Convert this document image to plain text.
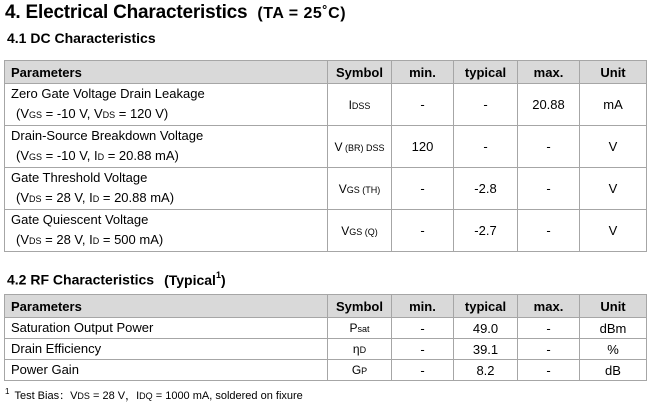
4. Electrical Characteristics (TA = 25˚C)
4.1 DC Characteristics
Parameters	Symbol	min.	typical	max.	Unit

Zero Gate Voltage Drain Leakage
(VGS = -10 V, VDS = 120 V)	IDSS	-	-	20.88	mA

Drain-Source Breakdown Voltage
(VGS = -10 V, ID = 20.88 mA)	V (BR) DSS	120	-	-	V

Gate Threshold Voltage
(VDS = 28 V, ID = 20.88 mA)	VGS (TH)	-	-2.8	-	V

Gate Quiescent Voltage
(VDS = 28 V, ID = 500 mA)	VGS (Q)	-	-2.7	-	V
4.2 RF Characteristics (Typical$^1$)
Parameters	Symbol	min.	typical	max.	Unit
Saturation Output Power	Psat	-	49.0	-	dBm
Drain Efficiency	ηD	-	39.1	-	%
Power Gain	GP	-	8.2	-	dB
$^1$ Test Bias：VDS = 28 V，IDQ = 1000 mA, soldered on fixure
